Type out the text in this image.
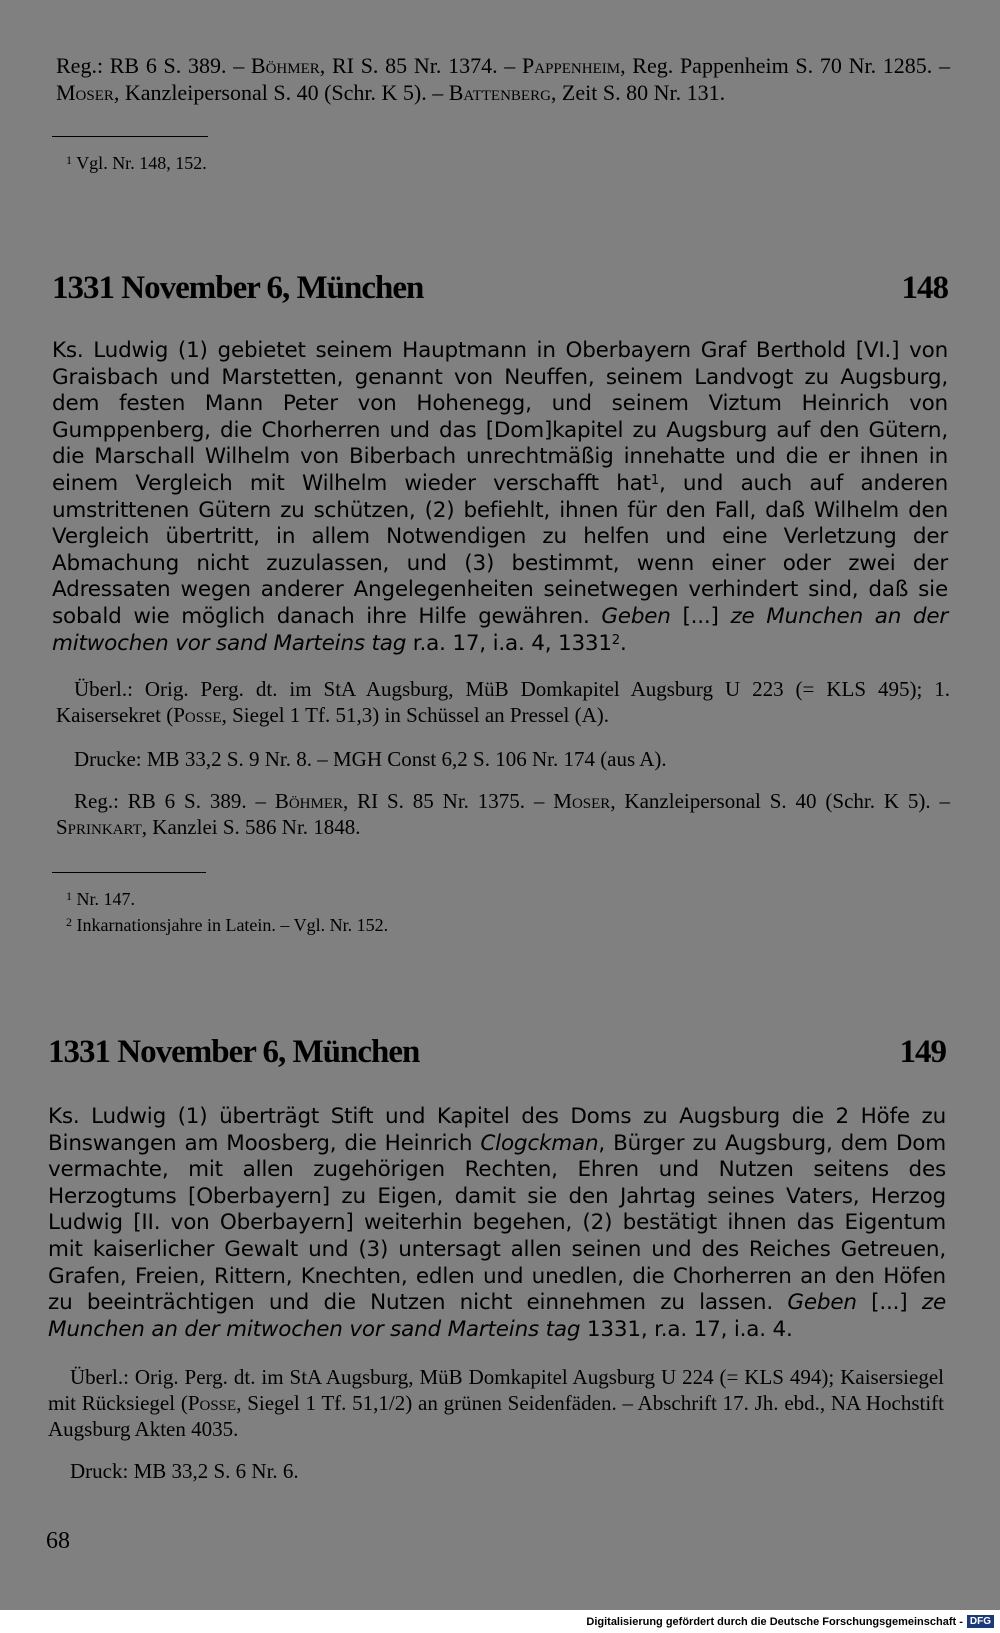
Reg.: RB 6 S. 389. – Böhmer, RI S. 85 Nr. 1374. – Pappenheim, Reg. Pappenheim S. 70 Nr. 1285. – Moser, Kanzleipersonal S. 40 (Schr. K 5). – Battenberg, Zeit S. 80 Nr. 131.
$^1$ Vgl. Nr. 148, 152.
1331 November 6, München	148
Ks. Ludwig (1) gebietet seinem Hauptmann in Oberbayern Graf Berthold [VI.] von Graisbach und Marstetten, genannt von Neuffen, seinem Landvogt zu Augsburg, dem festen Mann Peter von Hohenegg, und seinem Viztum Heinrich von Gumppenberg, die Chorherren und das [Dom]kapitel zu Augsburg auf den Gütern, die Marschall Wilhelm von Biberbach unrechtmäßig innehatte und die er ihnen in einem Vergleich mit Wilhelm wieder verschafft hat$^1$, und auch auf anderen umstrittenen Gütern zu schützen, (2) befiehlt, ihnen für den Fall, daß Wilhelm den Vergleich übertritt, in allem Notwendigen zu helfen und eine Verletzung der Abmachung nicht zuzulassen, und (3) bestimmt, wenn einer oder zwei der Adressaten wegen anderer Angelegenheiten seinetwegen verhindert sind, daß sie sobald wie möglich danach ihre Hilfe gewähren. Geben [...] ze Munchen an der mitwochen vor sand Marteins tag r.a. 17, i.a. 4, 1331$^2$.
Überl.: Orig. Perg. dt. im StA Augsburg, MüB Domkapitel Augsburg U 223 (= KLS 495); 1. Kaisersekret (Posse, Siegel 1 Tf. 51,3) in Schüssel an Pressel (A).
Drucke: MB 33,2 S. 9 Nr. 8. – MGH Const 6,2 S. 106 Nr. 174 (aus A).
Reg.: RB 6 S. 389. – Böhmer, RI S. 85 Nr. 1375. – Moser, Kanzleipersonal S. 40 (Schr. K 5). – Sprinkart, Kanzlei S. 586 Nr. 1848.
$^1$ Nr. 147.
$^2$ Inkarnationsjahre in Latein. – Vgl. Nr. 152.
1331 November 6, München	149
Ks. Ludwig (1) überträgt Stift und Kapitel des Doms zu Augsburg die 2 Höfe zu Binswangen am Moosberg, die Heinrich Clogckman, Bürger zu Augsburg, dem Dom vermachte, mit allen zugehörigen Rechten, Ehren und Nutzen seitens des Herzogtums [Oberbayern] zu Eigen, damit sie den Jahrtag seines Vaters, Herzog Ludwig [II. von Oberbayern] weiterhin begehen, (2) bestätigt ihnen das Eigentum mit kaiserlicher Gewalt und (3) untersagt allen seinen und des Reiches Getreuen, Grafen, Freien, Rittern, Knechten, edlen und unedlen, die Chorherren an den Höfen zu beeinträchtigen und die Nutzen nicht einnehmen zu lassen. Geben [...] ze Munchen an der mitwochen vor sand Marteins tag 1331, r.a. 17, i.a. 4.
Überl.: Orig. Perg. dt. im StA Augsburg, MüB Domkapitel Augsburg U 224 (= KLS 494); Kaisersiegel mit Rücksiegel (Posse, Siegel 1 Tf. 51,1/2) an grünen Seidenfäden. – Abschrift 17. Jh. ebd., NA Hochstift Augsburg Akten 4035.
Druck: MB 33,2 S. 6 Nr. 6.
68
Digitalisierung gefördert durch die Deutsche Forschungsgemeinschaft - DFG
